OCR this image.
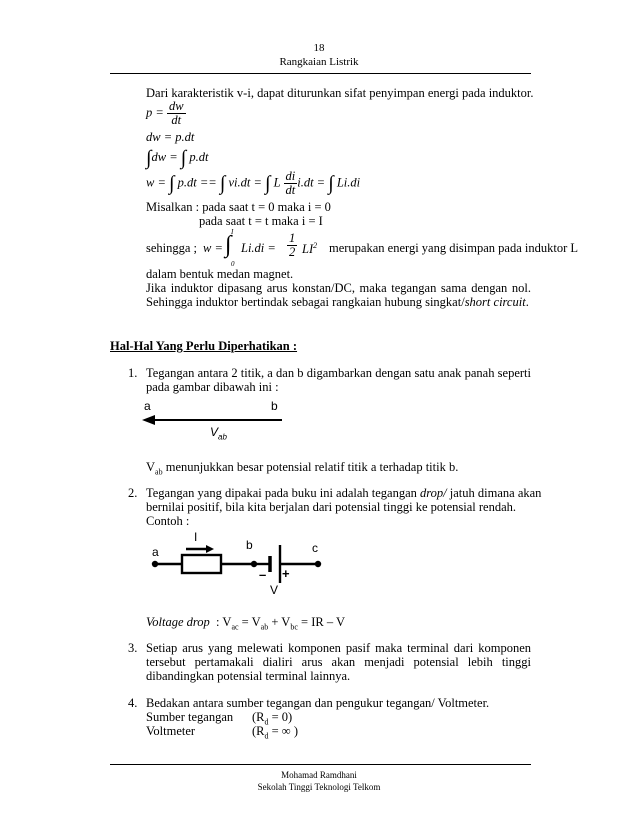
18
Rangkaian Listrik
Dari karakteristik v-i, dapat diturunkan sifat penyimpan energi pada induktor.
$p = \frac{dw}{dt}$
dw = p.dt
∫dw = ∫ p.dt
w = ∫ p.dt == ∫ vi.dt = ∫ L $\frac{di}{dt} i.dt$ = ∫ Li.di
Misalkan : pada saat t = 0 maka i = 0
pada saat t = t maka i = I
sehingga ; w =
I
∫
0
$Li.di = \frac{1}{2} LI^2$ merupakan energi yang disimpan pada induktor L
dalam bentuk medan magnet.
Jika induktor dipasang arus konstan/DC, maka tegangan sama dengan nol.
Sehingga induktor bertindak sebagai rangkaian hubung singkat/short circuit.
Hal-Hal Yang Perlu Diperhatikan :
1. Tegangan antara 2 titik, a dan b digambarkan dengan satu anak panah seperti
pada gambar dibawah ini :
a	b
$V_{ab}$
$V_{ab}$ menunjukkan besar potensial relatif titik a terhadap titik b.
2. Tegangan yang dipakai pada buku ini adalah tegangan drop/ jatuh dimana akan
bernilai positif, bila kita berjalan dari potensial tinggi ke potensial rendah.
Contoh :
I
a	b	c
– +
V
Voltage drop  : $V_{ac} = V_{ab} + V_{bc}$ = IR – V
3. Setiap arus yang melewati komponen pasif maka terminal dari komponen
tersebut pertamakali dialiri arus akan menjadi potensial lebih tinggi
dibandingkan potensial terminal lainnya.
4. Bedakan antara sumber tegangan dan pengukur tegangan/ Voltmeter.
Sumber tegangan $(R_d = 0)$
Voltmeter	($R_d$ = ∞ )
Mohamad Ramdhani
Sekolah Tinggi Teknologi Telkom
